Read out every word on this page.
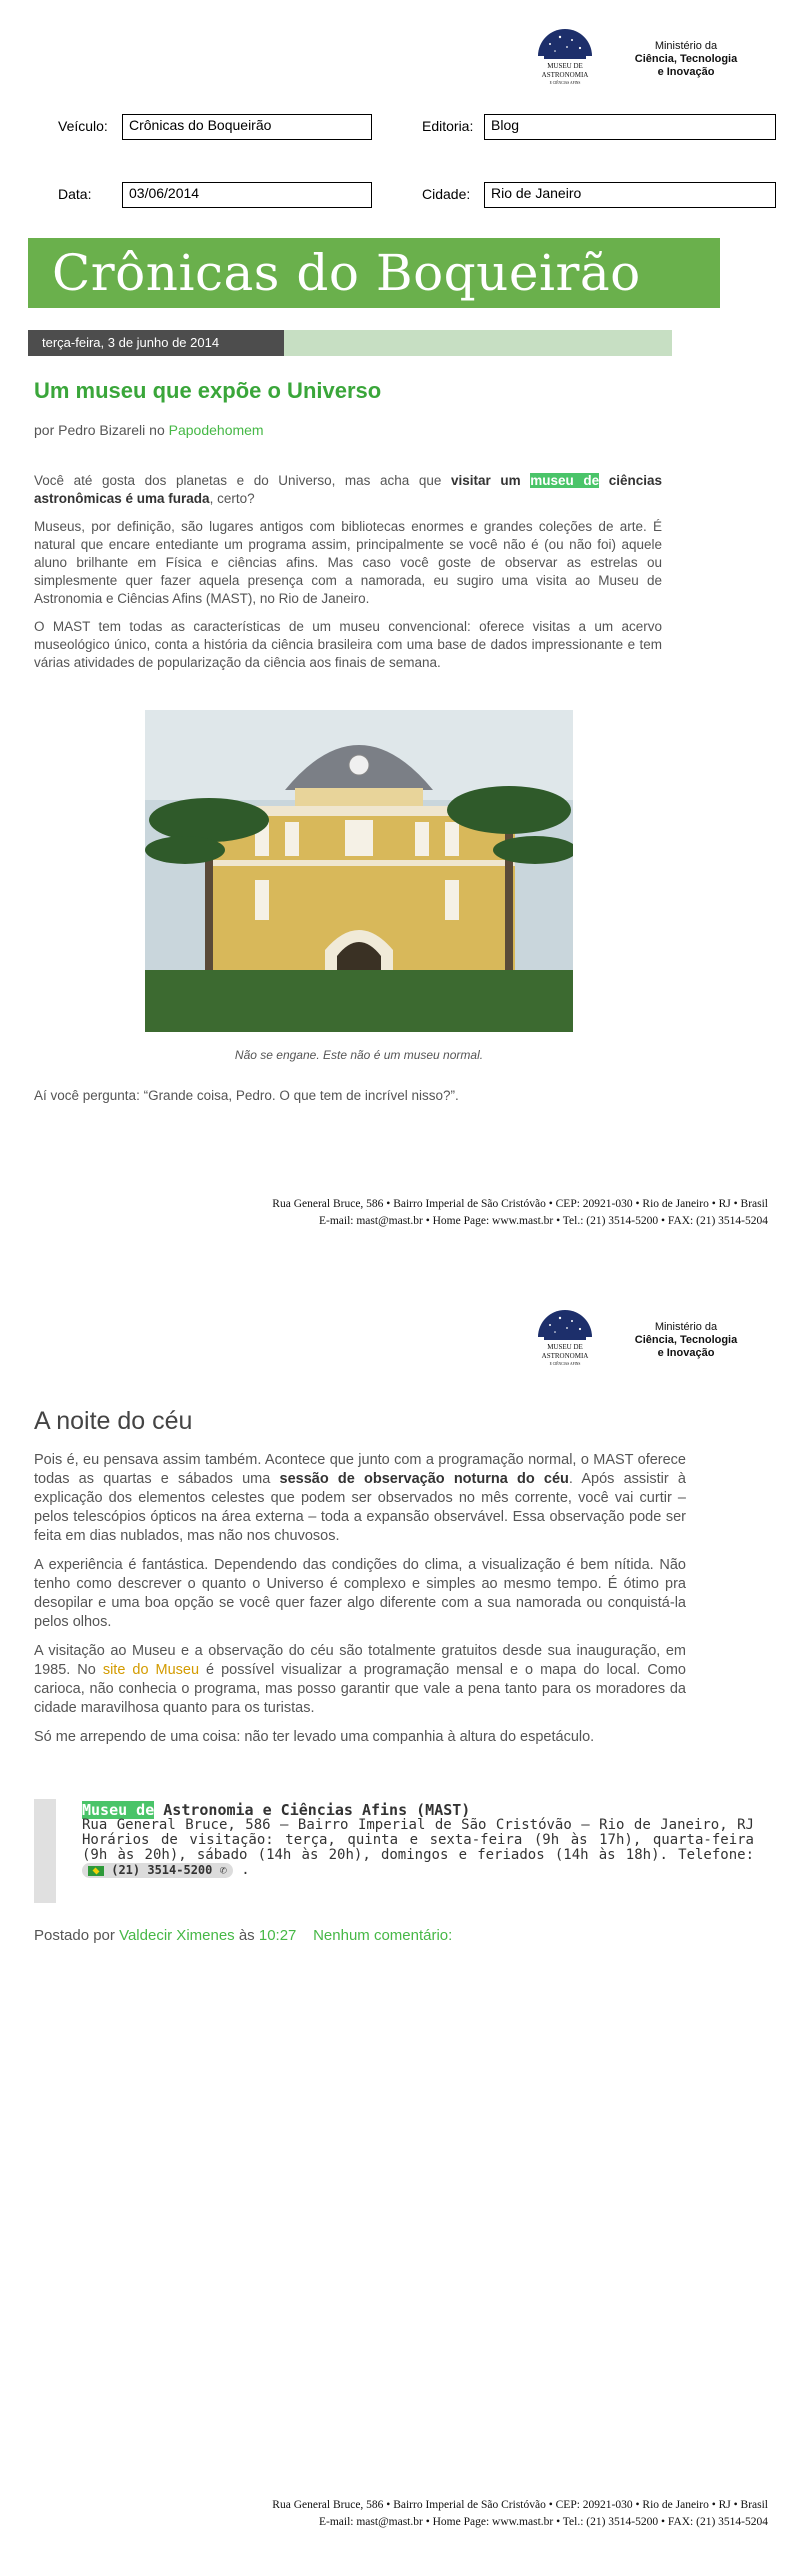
MUSEU DE
ASTRONOMIA
E CIÊNCIAS AFINS
Ministério da
Ciência, Tecnologia
e Inovação
Veículo:	Crônicas do Boqueirão	Editoria:	Blog
Data:	03/06/2014	Cidade:	Rio de Janeiro
Crônicas do Boqueirão
terça-feira, 3 de junho de 2014
Um museu que expõe o Universo
por Pedro Bizareli no Papodehomem

Você até gosta dos planetas e do Universo, mas acha que visitar um museu de ciências astronômicas é uma furada, certo?

Museus, por definição, são lugares antigos com bibliotecas enormes e grandes coleções de arte. É natural que encare entediante um programa assim, principalmente se você não é (ou não foi) aquele aluno brilhante em Física e ciências afins. Mas caso você goste de observar as estrelas ou simplesmente quer fazer aquela presença com a namorada, eu sugiro uma visita ao Museu de Astronomia e Ciências Afins (MAST), no Rio de Janeiro.

O MAST tem todas as características de um museu convencional: oferece visitas a um acervo museológico único, conta a história da ciência brasileira com uma base de dados impressionante e tem várias atividades de popularização da ciência aos finais de semana.

Não se engane. Este não é um museu normal.
Aí você pergunta: “Grande coisa, Pedro. O que tem de incrível nisso?”.
Rua General Bruce, 586 • Bairro Imperial de São Cristóvão • CEP: 20921-030 • Rio de Janeiro • RJ • Brasil
E-mail: mast@mast.br • Home Page: www.mast.br • Tel.: (21) 3514-5200 • FAX: (21) 3514-5204
MUSEU DE
ASTRONOMIA
E CIÊNCIAS AFINS
Ministério da
Ciência, Tecnologia
e Inovação
A noite do céu

Pois é, eu pensava assim também. Acontece que junto com a programação normal, o MAST oferece todas as quartas e sábados uma sessão de observação noturna do céu. Após assistir à explicação dos elementos celestes que podem ser observados no mês corrente, você vai curtir – pelos telescópios ópticos na área externa – toda a expansão observável. Essa observação pode ser feita em dias nublados, mas não nos chuvosos.

A experiência é fantástica. Dependendo das condições do clima, a visualização é bem nítida. Não tenho como descrever o quanto o Universo é complexo e simples ao mesmo tempo. É ótimo pra desopilar e uma boa opção se você quer fazer algo diferente com a sua namorada ou conquistá-la pelos olhos.

A visitação ao Museu e a observação do céu são totalmente gratuitos desde sua inauguração, em 1985. No site do Museu é possível visualizar a programação mensal e o mapa do local. Como carioca, não conhecia o programa, mas posso garantir que vale a pena tanto para os moradores da cidade maravilhosa quanto para os turistas.

Só me arrependo de uma coisa: não ter levado uma companhia à altura do espetáculo.

Museu de Astronomia e Ciências Afins (MAST)
Rua General Bruce, 586 – Bairro Imperial de São Cristóvão – Rio de Janeiro, RJ Horários de visitação: terça, quinta e sexta-feira (9h às 17h), quarta-feira (9h às 20h), sábado (14h às 20h), domingos e feriados (14h às 18h). Telefone:  (21) 3514-5200 ✆ .
Postado por Valdecir Ximenes às 10:27 Nenhum comentário:
Rua General Bruce, 586 • Bairro Imperial de São Cristóvão • CEP: 20921-030 • Rio de Janeiro • RJ • Brasil
E-mail: mast@mast.br • Home Page: www.mast.br • Tel.: (21) 3514-5200 • FAX: (21) 3514-5204
